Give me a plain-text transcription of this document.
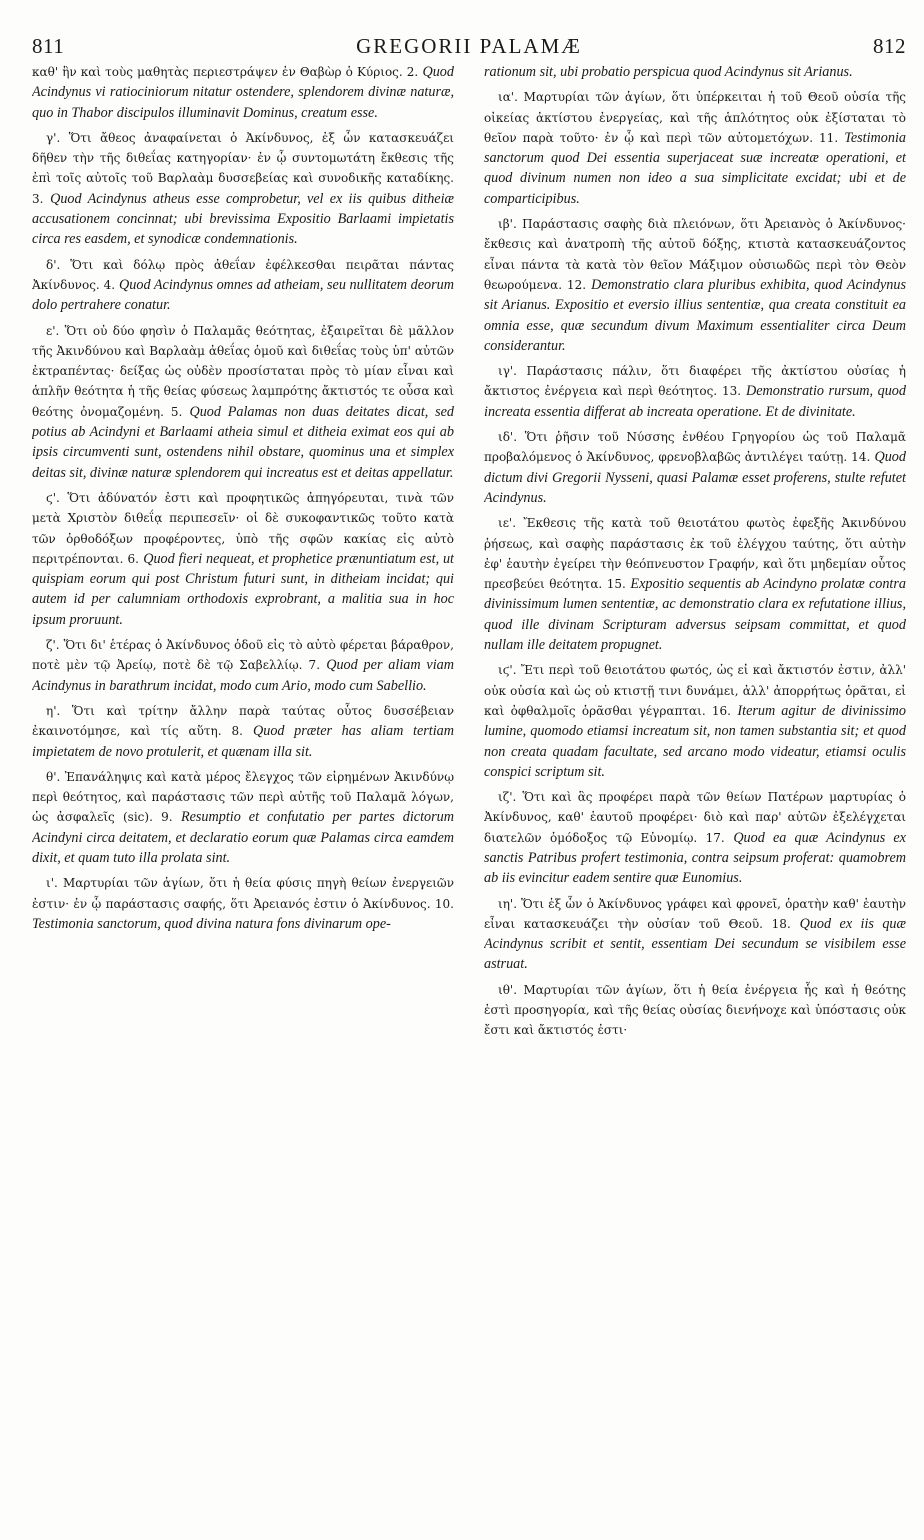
811	GREGORII PALAMÆ	812

καθ' ἣν καὶ τοὺς μαθητὰς περιεστράψεν ἐν Θαβὼρ ὁ Κύριος. 2. Quod Acindynus vi ratiociniorum nitatur ostendere, splendorem divinæ naturæ, quo in Thabor discipulos illuminavit Dominus, creatum esse.

γ'. Ὅτι ἄθεος ἀναφαίνεται ὁ Ἀκίνδυνος, ἐξ ὧν κατασκευάζει δῆθεν τὴν τῆς διθεΐας κατηγορίαν· ἐν ᾧ συντομωτάτη ἔκθεσις τῆς ἐπὶ τοῖς αὐτοῖς τοῦ Βαρλαὰμ δυσσεβείας καὶ συνοδικῆς καταδίκης. 3. Quod Acindynus atheus esse comprobetur, vel ex iis quibus ditheiæ accusationem concinnat; ubi brevissima Expositio Barlaami impietatis circa res easdem, et synodicæ condemnationis.

δ'. Ὅτι καὶ δόλῳ πρὸς ἀθεΐαν ἐφέλκεσθαι πειρᾶται πάντας Ἀκίνδυνος. 4. Quod Acindynus omnes ad atheiam, seu nullitatem deorum dolo pertrahere conatur.

ε'. Ὅτι οὐ δύο φησὶν ὁ Παλαμᾶς θεότητας, ἐξαιρεῖται δὲ μᾶλλον τῆς Ἀκινδύνου καὶ Βαρλαὰμ ἀθεΐας ὁμοῦ καὶ διθεΐας τοὺς ὑπ' αὐτῶν ἐκτραπέντας· δείξας ὡς οὐδὲν προσίσταται πρὸς τὸ μίαν εἶναι καὶ ἁπλῆν θεότητα ἡ τῆς θείας φύσεως λαμπρότης ἄκτιστός τε οὖσα καὶ θεότης ὀνομαζομένη. 5. Quod Palamas non duas deitates dicat, sed potius ab Acindyni et Barlaami atheia simul et ditheia eximat eos qui ab ipsis circumventi sunt, ostendens nihil obstare, quominus una et simplex deitas sit, divinæ naturæ splendorem qui increatus est et deitas appellatur.

ϛ'. Ὅτι ἀδύνατόν ἐστι καὶ προφητικῶς ἀπηγόρευται, τινὰ τῶν μετὰ Χριστὸν διθεΐᾳ περιπεσεῖν· οἱ δὲ συκοφαντικῶς τοῦτο κατὰ τῶν ὀρθοδόξων προφέροντες, ὑπὸ τῆς σφῶν κακίας εἰς αὐτὸ περιτρέπονται. 6. Quod fieri nequeat, et prophetice prænuntiatum est, ut quispiam eorum qui post Christum futuri sunt, in ditheiam incidat; qui autem id per calumniam orthodoxis exprobrant, a malitia sua in hoc ipsum proruunt.

ζ'. Ὅτι δι' ἑτέρας ὁ Ἀκίνδυνος ὁδοῦ εἰς τὸ αὐτὸ φέρεται βάραθρον, ποτὲ μὲν τῷ Ἀρείῳ, ποτὲ δὲ τῷ Σαβελλίῳ. 7. Quod per aliam viam Acindynus in barathrum incidat, modo cum Ario, modo cum Sabellio.

η'. Ὅτι καὶ τρίτην ἄλλην παρὰ ταύτας οὗτος δυσσέβειαν ἐκαινοτόμησε, καὶ τίς αὕτη. 8. Quod præter has aliam tertiam impietatem de novo protulerit, et quænam illa sit.

θ'. Ἐπανάληψις καὶ κατὰ μέρος ἔλεγχος τῶν εἰρημένων Ἀκινδύνῳ περὶ θεότητος, καὶ παράστασις τῶν περὶ αὐτῆς τοῦ Παλαμᾶ λόγων, ὡς ἀσφαλεῖς (sic). 9. Resumptio et confutatio per partes dictorum Acindyni circa deitatem, et declaratio eorum quæ Palamas circa eamdem dixit, et quam tuto illa prolata sint.

ι'. Μαρτυρίαι τῶν ἁγίων, ὅτι ἡ θεία φύσις πηγὴ θείων ἐνεργειῶν ἐστιν· ἐν ᾧ παράστασις σαφής, ὅτι Ἀρειανός ἐστιν ὁ Ἀκίνδυνος. 10. Testimonia sanctorum, quod divina natura fons divinarum ope-

rationum sit, ubi probatio perspicua quod Acindynus sit Arianus.

ια'. Μαρτυρίαι τῶν ἁγίων, ὅτι ὑπέρκειται ἡ τοῦ Θεοῦ οὐσία τῆς οἰκείας ἀκτίστου ἐνεργείας, καὶ τῆς ἁπλότητος οὐκ ἐξίσταται τὸ θεῖον παρὰ τοῦτο· ἐν ᾧ καὶ περὶ τῶν αὐτομετόχων. 11. Testimonia sanctorum quod Dei essentia superjaceat suæ increatæ operationi, et quod divinum numen non ideo a sua simplicitate excidat; ubi et de comparticipibus.

ιβ'. Παράστασις σαφὴς διὰ πλειόνων, ὅτι Ἀρειανὸς ὁ Ἀκίνδυνος· ἔκθεσις καὶ ἀνατροπὴ τῆς αὐτοῦ δόξης, κτιστὰ κατασκευάζοντος εἶναι πάντα τὰ κατὰ τὸν θεῖον Μάξιμον οὐσιωδῶς περὶ τὸν Θεὸν θεωρούμενα. 12. Demonstratio clara pluribus exhibita, quod Acindynus sit Arianus. Expositio et eversio illius sententiæ, qua creata constituit ea omnia esse, quæ secundum divum Maximum essentialiter circa Deum considerantur.

ιγ'. Παράστασις πάλιν, ὅτι διαφέρει τῆς ἀκτίστου οὐσίας ἡ ἄκτιστος ἐνέργεια καὶ περὶ θεότητος. 13. Demonstratio rursum, quod increata essentia differat ab increata operatione. Et de divinitate.

ιδ'. Ὅτι ῥῆσιν τοῦ Νύσσης ἐνθέου Γρηγορίου ὡς τοῦ Παλαμᾶ προβαλόμενος ὁ Ἀκίνδυνος, φρενοβλαβῶς ἀντιλέγει ταύτῃ. 14. Quod dictum divi Gregorii Nysseni, quasi Palamæ esset proferens, stulte refutet Acindynus.

ιε'. Ἔκθεσις τῆς κατὰ τοῦ θειοτάτου φωτὸς ἐφεξῆς Ἀκινδύνου ῥήσεως, καὶ σαφὴς παράστασις ἐκ τοῦ ἐλέγχου ταύτης, ὅτι αὐτὴν ἐφ' ἑαυτὴν ἐγείρει τὴν θεόπνευστον Γραφήν, καὶ ὅτι μηδεμίαν οὗτος πρεσβεύει θεότητα. 15. Expositio sequentis ab Acindyno prolatæ contra divinissimum lumen sententiæ, ac demonstratio clara ex refutatione illius, quod ille divinam Scripturam adversus seipsam committat, et quod nullam ille deitatem propugnet.

ιϛ'. Ἔτι περὶ τοῦ θειοτάτου φωτός, ὡς εἰ καὶ ἄκτιστόν ἐστιν, ἀλλ' οὐκ οὐσία καὶ ὡς οὐ κτιστῇ τινι δυνάμει, ἀλλ' ἀπορρήτως ὁρᾶται, εἰ καὶ ὀφθαλμοῖς ὁρᾶσθαι γέγραπται. 16. Iterum agitur de divinissimo lumine, quomodo etiamsi increatum sit, non tamen substantia sit; et quod non creata quadam facultate, sed arcano modo videatur, etiamsi oculis conspici scriptum sit.

ιζ'. Ὅτι καὶ ἃς προφέρει παρὰ τῶν θείων Πατέρων μαρτυρίας ὁ Ἀκίνδυνος, καθ' ἑαυτοῦ προφέρει· διὸ καὶ παρ' αὐτῶν ἐξελέγχεται διατελῶν ὁμόδοξος τῷ Εὐνομίῳ. 17. Quod ea quæ Acindynus ex sanctis Patribus profert testimonia, contra seipsum proferat: quamobrem ab iis evincitur eadem sentire quæ Eunomius.

ιη'. Ὅτι ἐξ ὧν ὁ Ἀκίνδυνος γράφει καὶ φρονεῖ, ὁρατὴν καθ' ἑαυτὴν εἶναι κατασκευάζει τὴν οὐσίαν τοῦ Θεοῦ. 18. Quod ex iis quæ Acindynus scribit et sentit, essentiam Dei secundum se visibilem esse astruat.

ιθ'. Μαρτυρίαι τῶν ἁγίων, ὅτι ἡ θεία ἐνέργεια ἧς καὶ ἡ θεότης ἐστὶ προσηγορία, καὶ τῆς θείας οὐσίας διενήνοχε καὶ ὑπόστασις οὐκ ἔστι καὶ ἄκτιστός ἐστι·
